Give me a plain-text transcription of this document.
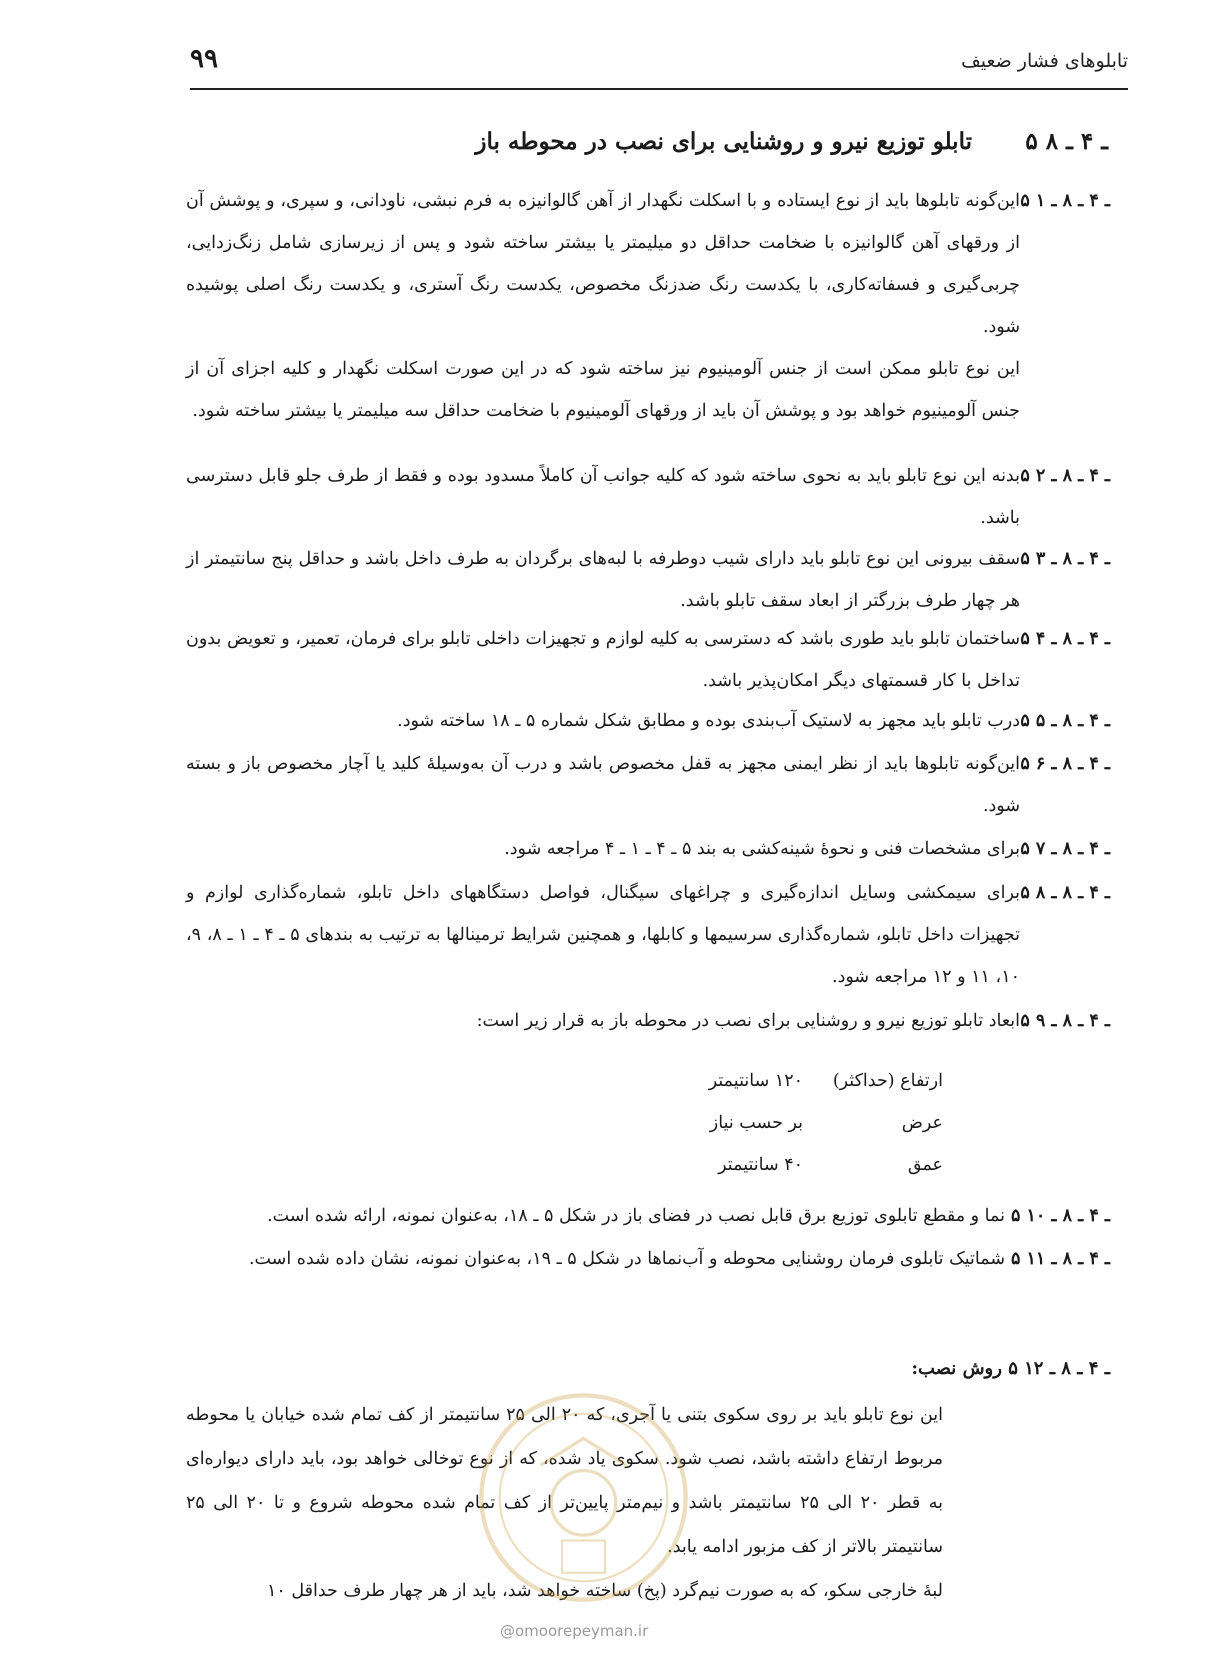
تابلوهای فشار ضعیف
۹۹
۵ ـ ۴ ـ ۸
تابلو توزیع نیرو و روشنایی برای نصب در محوطه باز
۵ ـ ۴ ـ ۸ ـ ۱

این‌گونه تابلوها باید از نوع ایستاده و با اسکلت نگهدار از آهن گالوانیزه به فرم نبشی، ناودانی، و سپری، و پوشش آن از ورقهای آهن گالوانیزه با ضخامت حداقل دو میلیمتر یا بیشتر ساخته شود و پس از زیرسازی شامل زنگ‌زدایی، چربی‌گیری و فسفاته‌کاری، با یکدست رنگ ضدزنگ مخصوص، یکدست رنگ آستری، و یکدست رنگ اصلی پوشیده شود.

این نوع تابلو ممکن است از جنس آلومینیوم نیز ساخته شود که در این صورت اسکلت نگهدار و کلیه اجزای آن از جنس آلومینیوم خواهد بود و پوشش آن باید از ورقهای آلومینیوم با ضخامت حداقل سه میلیمتر یا بیشتر ساخته شود.

۵ ـ ۴ ـ ۸ ـ ۲

بدنه این نوع تابلو باید به نحوی ساخته شود که کلیه جوانب آن کاملاً مسدود بوده و فقط از طرف جلو قابل دسترسی باشد.

۵ ـ ۴ ـ ۸ ـ ۳

سقف بیرونی این نوع تابلو باید دارای شیب دوطرفه با لبه‌های برگردان به طرف داخل باشد و حداقل پنج سانتیمتر از هر چهار طرف بزرگتر از ابعاد سقف تابلو باشد.

۵ ـ ۴ ـ ۸ ـ ۴

ساختمان تابلو باید طوری باشد که دسترسی به کلیه لوازم و تجهیزات داخلی تابلو برای فرمان، تعمیر، و تعویض بدون تداخل با کار قسمتهای دیگر امکان‌پذیر باشد.

۵ ـ ۴ ـ ۸ ـ ۵

درب تابلو باید مجهز به لاستیک آب‌بندی بوده و مطابق شکل شماره ۵ ـ ۱۸ ساخته شود.

۵ ـ ۴ ـ ۸ ـ ۶

این‌گونه تابلوها باید از نظر ایمنی مجهز به قفل مخصوص باشد و درب آن به‌وسیلهٔ کلید یا آچار مخصوص باز و بسته شود.

۵ ـ ۴ ـ ۸ ـ ۷

برای مشخصات فنی و نحوهٔ شینه‌کشی به بند ۵ ـ ۴ ـ ۱ ـ ۴ مراجعه شود.

۵ ـ ۴ ـ ۸ ـ ۸

برای سیمکشی وسایل اندازه‌گیری و چراغهای سیگنال، فواصل دستگاههای داخل تابلو، شماره‌گذاری لوازم و تجهیزات داخل تابلو، شماره‌گذاری سرسیمها و کابلها، و همچنین شرایط ترمینالها به ترتیب به بندهای ۵ ـ ۴ ـ ۱ ـ ۸، ۹، ۱۰، ۱۱ و ۱۲ مراجعه شود.

۵ ـ ۴ ـ ۸ ـ ۹

ابعاد تابلو توزیع نیرو و روشنایی برای نصب در محوطه باز به قرار زیر است:

ارتفاع (حداکثر)
۱۲۰ سانتیمتر
عرض
بر حسب نیاز
عمق
۴۰ سانتیمتر
۵ ـ ۴ ـ ۸ ـ ۱۰

نما و مقطع تابلوی توزیع برق قابل نصب در فضای باز در شکل ۵ ـ ۱۸، به‌عنوان نمونه، ارائه شده است.

۵ ـ ۴ ـ ۸ ـ ۱۱

شماتیک تابلوی فرمان روشنایی محوطه و آب‌نماها در شکل ۵ ـ ۱۹، به‌عنوان نمونه، نشان داده شده است.

۵ ـ ۴ ـ ۸ ـ ۱۲ روش نصب:

این نوع تابلو باید بر روی سکوی بتنی یا آجری، که ۲۰ الی ۲۵ سانتیمتر از کف تمام شده خیابان یا محوطه مربوط ارتفاع داشته باشد، نصب شود. سکوی یاد شده، که از نوع توخالی خواهد بود، باید دارای دیواره‌ای به قطر ۲۰ الی ۲۵ سانتیمتر باشد و نیم‌متر پایین‌تر از کف تمام شده محوطه شروع و تا ۲۰ الی ۲۵ سانتیمتر بالاتر از کف مزبور ادامه یابد.

لبهٔ خارجی سکو، که به صورت نیم‌گرد (پخ) ساخته خواهد شد، باید از هر چهار طرف حداقل ۱۰

@omoorepeyman.ir
